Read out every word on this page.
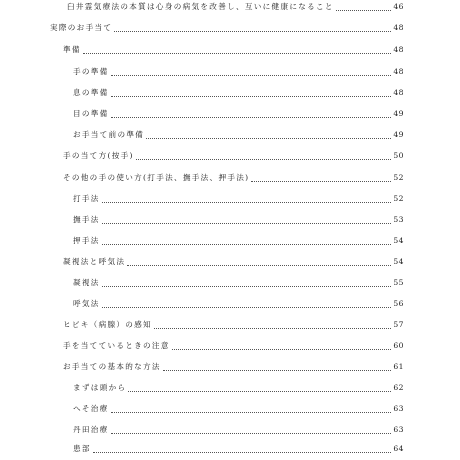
臼井霊気療法の本質は心身の病気を改善し、互いに健康になること	46
実際のお手当て	48
準備	48
手の準備	48
息の準備	48
目の準備	49
お手当て前の準備	49
手の当て方(按手)	50
その他の手の使い方(打手法、撫手法、押手法)	52
打手法	52
撫手法	53
押手法	54
凝視法と呼気法	54
凝視法	55
呼気法	56
ヒビキ（病腺）の感知	57
手を当てているときの注意	60
お手当ての基本的な方法	61
まずは頭から	62
へそ治療	63
丹田治療	63
患部	64
